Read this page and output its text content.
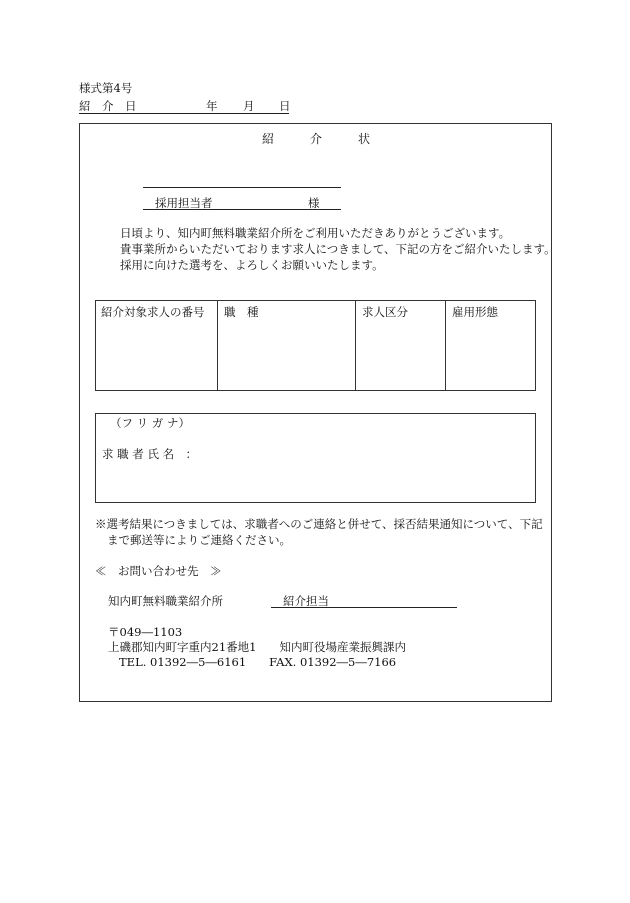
様式第4号
紹　介　日	年 月 日
紹　　　介　　　状
採用担当者	様
日頃より、知内町無料職業紹介所をご利用いただきありがとうございます。
貴事業所からいただいております求人につきまして、下記の方をご紹介いたします。
採用に向けた選考を、よろしくお願いいたします。
紹介対象求人の番号 職　種	求人区分	雇用形態
（フ リ ガ ナ）
求 職 者 氏 名　：
※選考結果につきましては、求職者へのご連絡と併せて、採否結果通知について、下記
まで郵送等によりご連絡ください。
≪　お問い合わせ先　≫
知内町無料職業紹介所	紹介担当
〒049―1103
上磯郡知内町字重内21番地1　　知内町役場産業振興課内
TEL. 01392―5―6161　　FAX. 01392―5―7166
